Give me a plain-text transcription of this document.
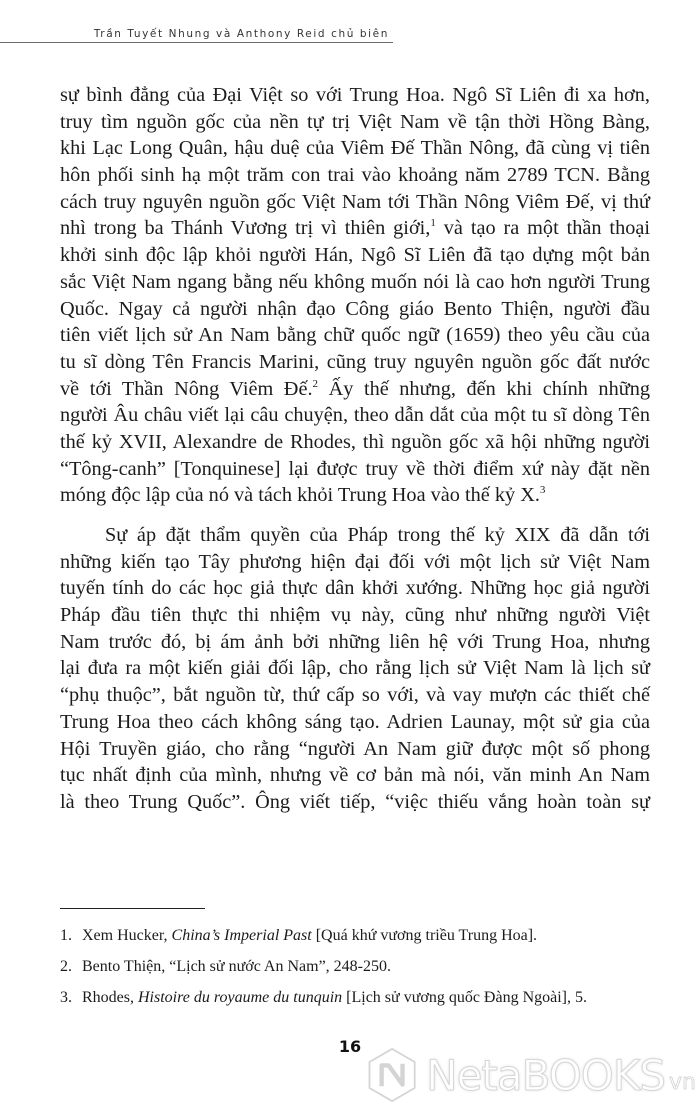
Trần Tuyết Nhung và Anthony Reid chủ biên
sự bình đẳng của Đại Việt so với Trung Hoa. Ngô Sĩ Liên đi xa hơn,
truy tìm nguồn gốc của nền tự trị Việt Nam về tận thời Hồng Bàng,
khi Lạc Long Quân, hậu duệ của Viêm Đế Thần Nông, đã cùng vị tiên
hôn phối sinh hạ một trăm con trai vào khoảng năm 2789 TCN. Bằng
cách truy nguyên nguồn gốc Việt Nam tới Thần Nông Viêm Đế, vị thứ
nhì trong ba Thánh Vương trị vì thiên giới,$^1$ và tạo ra một thần thoại
khởi sinh độc lập khỏi người Hán, Ngô Sĩ Liên đã tạo dựng một bản
sắc Việt Nam ngang bằng nếu không muốn nói là cao hơn người Trung
Quốc. Ngay cả người nhận đạo Công giáo Bento Thiện, người đầu
tiên viết lịch sử An Nam bằng chữ quốc ngữ (1659) theo yêu cầu của
tu sĩ dòng Tên Francis Marini, cũng truy nguyên nguồn gốc đất nước
về tới Thần Nông Viêm Đế.$^2$ Ấy thế nhưng, đến khi chính những
người Âu châu viết lại câu chuyện, theo dẫn dắt của một tu sĩ dòng Tên
thế kỷ XVII, Alexandre de Rhodes, thì nguồn gốc xã hội những người
“Tông-canh” [Tonquinese] lại được truy về thời điểm xứ này đặt nền
móng độc lập của nó và tách khỏi Trung Hoa vào thế kỷ X.$^3$
Sự áp đặt thẩm quyền của Pháp trong thế kỷ XIX đã dẫn tới
những kiến tạo Tây phương hiện đại đối với một lịch sử Việt Nam
tuyến tính do các học giả thực dân khởi xướng. Những học giả người
Pháp đầu tiên thực thi nhiệm vụ này, cũng như những người Việt
Nam trước đó, bị ám ảnh bởi những liên hệ với Trung Hoa, nhưng
lại đưa ra một kiến giải đối lập, cho rằng lịch sử Việt Nam là lịch sử
“phụ thuộc”, bắt nguồn từ, thứ cấp so với, và vay mượn các thiết chế
Trung Hoa theo cách không sáng tạo. Adrien Launay, một sử gia của
Hội Truyền giáo, cho rằng “người An Nam giữ được một số phong
tục nhất định của mình, nhưng về cơ bản mà nói, văn minh An Nam
là theo Trung Quốc”. Ông viết tiếp, “việc thiếu vắng hoàn toàn sự
1. Xem Hucker, China’s Imperial Past [Quá khứ vương triều Trung Hoa].
2. Bento Thiện, “Lịch sử nước An Nam”, 248-250.
3. Rhodes, Histoire du royaume du tunquin [Lịch sử vương quốc Đàng Ngoài], 5.
16
NetaBOOKS vn
